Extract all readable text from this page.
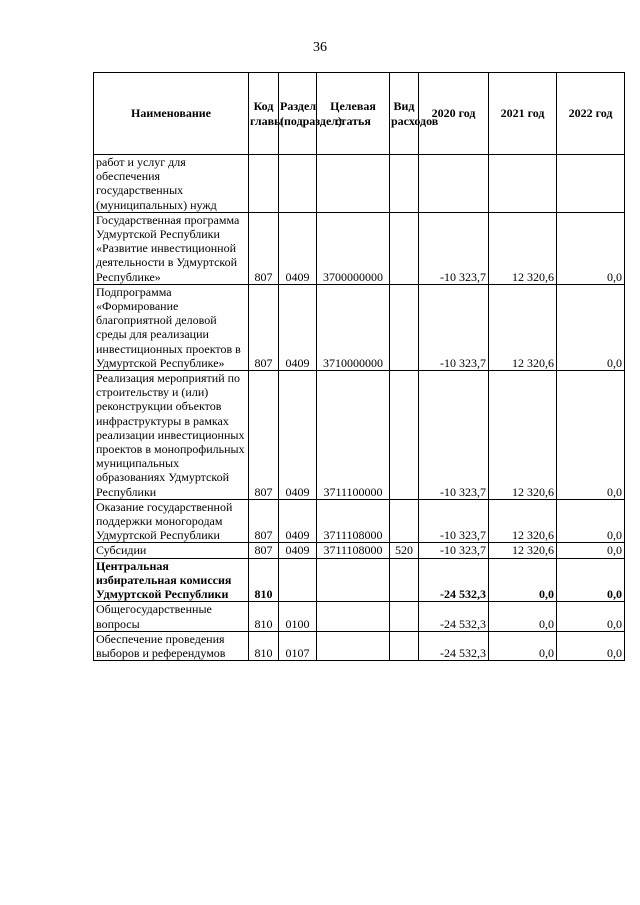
36
Наименование	Код главы	Раздел (подраздел)	Целевая статья	Вид расходов	2020 год	2021 год	2022 год
работ и услуг для обеспечения государственных (муниципальных) нужд							
Государственная программа Удмуртской Республики «Развитие инвестиционной деятельности в Удмуртской Республике»	807	0409	3700000000		-10 323,7	12 320,6	0,0
Подпрограмма «Формирование благоприятной деловой среды для реализации инвестиционных проектов в Удмуртской Республике»	807	0409	3710000000		-10 323,7	12 320,6	0,0
Реализация мероприятий по строительству и (или) реконструкции объектов инфраструктуры в рамках реализации инвестиционных проектов в монопрофильных муниципальных образованиях Удмуртской Республики	807	0409	3711100000		-10 323,7	12 320,6	0,0
Оказание государственной поддержки моногородам Удмуртской Республики	807	0409	3711108000		-10 323,7	12 320,6	0,0
Субсидии	807	0409	3711108000	520	-10 323,7	12 320,6	0,0
Центральная избирательная комиссия Удмуртской Республики	810				-24 532,3	0,0	0,0
Общегосударственные вопросы	810	0100			-24 532,3	0,0	0,0
Обеспечение проведения выборов и референдумов	810	0107			-24 532,3	0,0	0,0
